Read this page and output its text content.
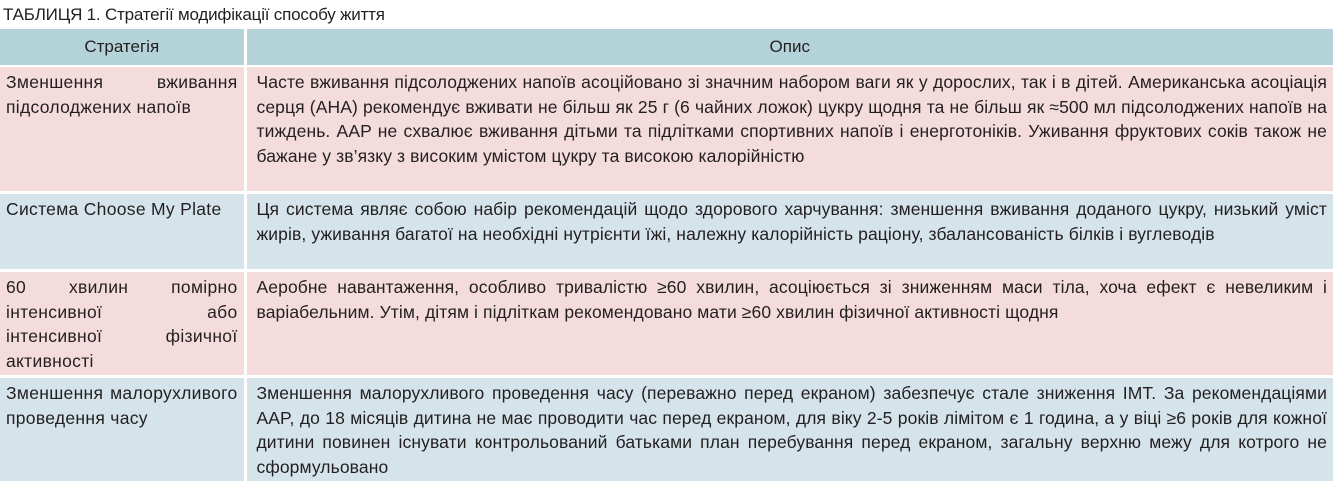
ТАБЛИЦЯ 1. Стратегії модифікації способу життя
Стратегія	Опис
Зменшення вживання підсолоджених напоїв	Часте вживання підсолоджених напоїв асоційовано зі значним набором ваги як у дорослих, так і в дітей. Американська асоціація серця (AHA) рекомендує вживати не більш як 25 г (6 чайних ложок) цукру щодня та не більш як ≈500 мл підсолоджених напоїв на тиждень. AAP не схвалює вживання дітьми та підлітками спортивних напоїв і енерготоніків. Уживання фруктових соків також не бажане у зв’язку з високим умістом цукру та високою калорійністю
Система Choose My Plate	Ця система являє собою набір рекомендацій щодо здорового харчування: зменшення вживання доданого цукру, низький уміст жирів, уживання багатої на необхідні нутрієнти їжі, належну калорійність раціону, збалансованість білків і вуглеводів
60 хвилин помірно інтенсивної або інтенсивної фізичної активності	Аеробне навантаження, особливо тривалістю ≥60 хвилин, асоціюється зі зниженням маси тіла, хоча ефект є невеликим і варіабельним. Утім, дітям і підліткам рекомендовано мати ≥60 хвилин фізичної активності щодня
Зменшення малорухливого проведення часу	Зменшення малорухливого проведення часу (переважно перед екраном) забезпечує стале зниження ІМТ. За рекомендаціями AAP, до 18 місяців дитина не має проводити час перед екраном, для віку 2-5 років лімітом є 1 година, а у віці ≥6 років для кожної дитини повинен існувати контрольований батьками план перебування перед екраном, загальну верхню межу для котрого не сформульовано
